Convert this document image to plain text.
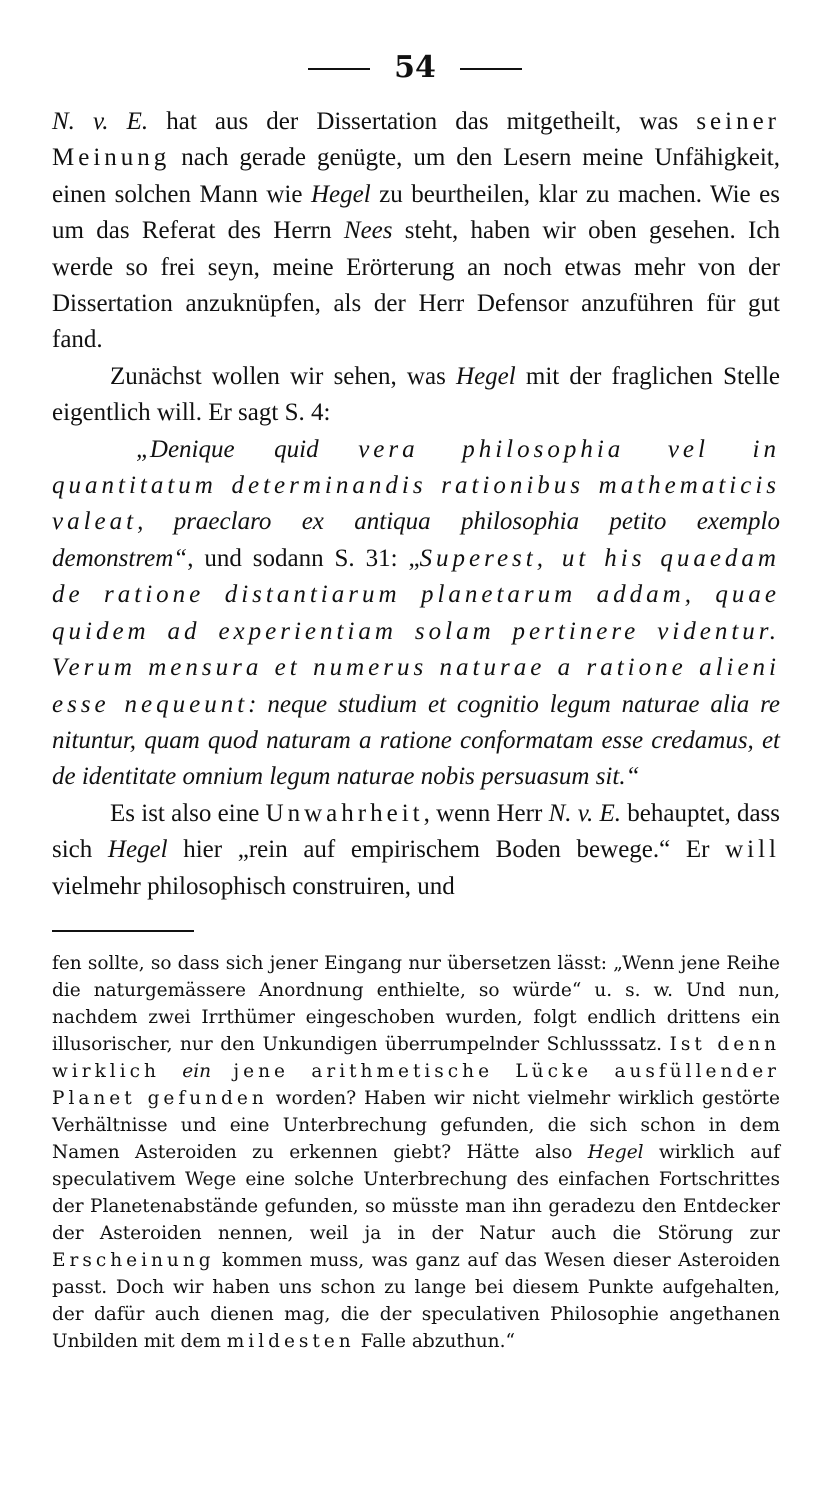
54

N. v. E. hat aus der Dissertation das mitgetheilt, was seiner Meinung nach gerade genügte, um den Lesern meine Unfähigkeit, einen solchen Mann wie Hegel zu beurtheilen, klar zu machen. Wie es um das Referat des Herrn Nees steht, haben wir oben gesehen. Ich werde so frei seyn, meine Erörterung an noch etwas mehr von der Dissertation anzuknüpfen, als der Herr Defensor anzuführen für gut fand.

Zunächst wollen wir sehen, was Hegel mit der fraglichen Stelle eigentlich will. Er sagt S. 4:

„Denique quid vera philosophia vel in quantitatum determinandis rationibus mathematicis valeat, praeclaro ex antiqua philosophia petito exemplo demonstrem“, und sodann S. 31: „Superest, ut his quaedam de ratione distantiarum planetarum addam, quae quidem ad experientiam solam pertinere videntur. Verum mensura et numerus naturae a ratione alieni esse nequeunt: neque studium et cognitio legum naturae alia re nituntur, quam quod naturam a ratione conformatam esse credamus, et de identitate omnium legum naturae nobis persuasum sit.“

Es ist also eine Unwahrheit, wenn Herr N. v. E. behauptet, dass sich Hegel hier „rein auf empirischem Boden bewege.“ Er will vielmehr philosophisch construiren, und

fen sollte, so dass sich jener Eingang nur übersetzen lässt: „Wenn jene Reihe die naturgemässere Anordnung enthielte, so würde“ u. s. w. Und nun, nachdem zwei Irrthümer eingeschoben wurden, folgt endlich drittens ein illusorischer, nur den Unkundigen überrumpelnder Schlusssatz. Ist denn wirklich ein jene arithmetische Lücke ausfüllender Planet gefunden worden? Haben wir nicht vielmehr wirklich gestörte Verhältnisse und eine Unterbrechung gefunden, die sich schon in dem Namen Asteroiden zu erkennen giebt? Hätte also Hegel wirklich auf speculativem Wege eine solche Unterbrechung des einfachen Fortschrittes der Planetenabstände gefunden, so müsste man ihn geradezu den Entdecker der Asteroiden nennen, weil ja in der Natur auch die Störung zur Erscheinung kommen muss, was ganz auf das Wesen dieser Asteroiden passt. Doch wir haben uns schon zu lange bei diesem Punkte aufgehalten, der dafür auch dienen mag, die der speculativen Philosophie angethanen Unbilden mit dem mildesten Falle abzuthun.“
